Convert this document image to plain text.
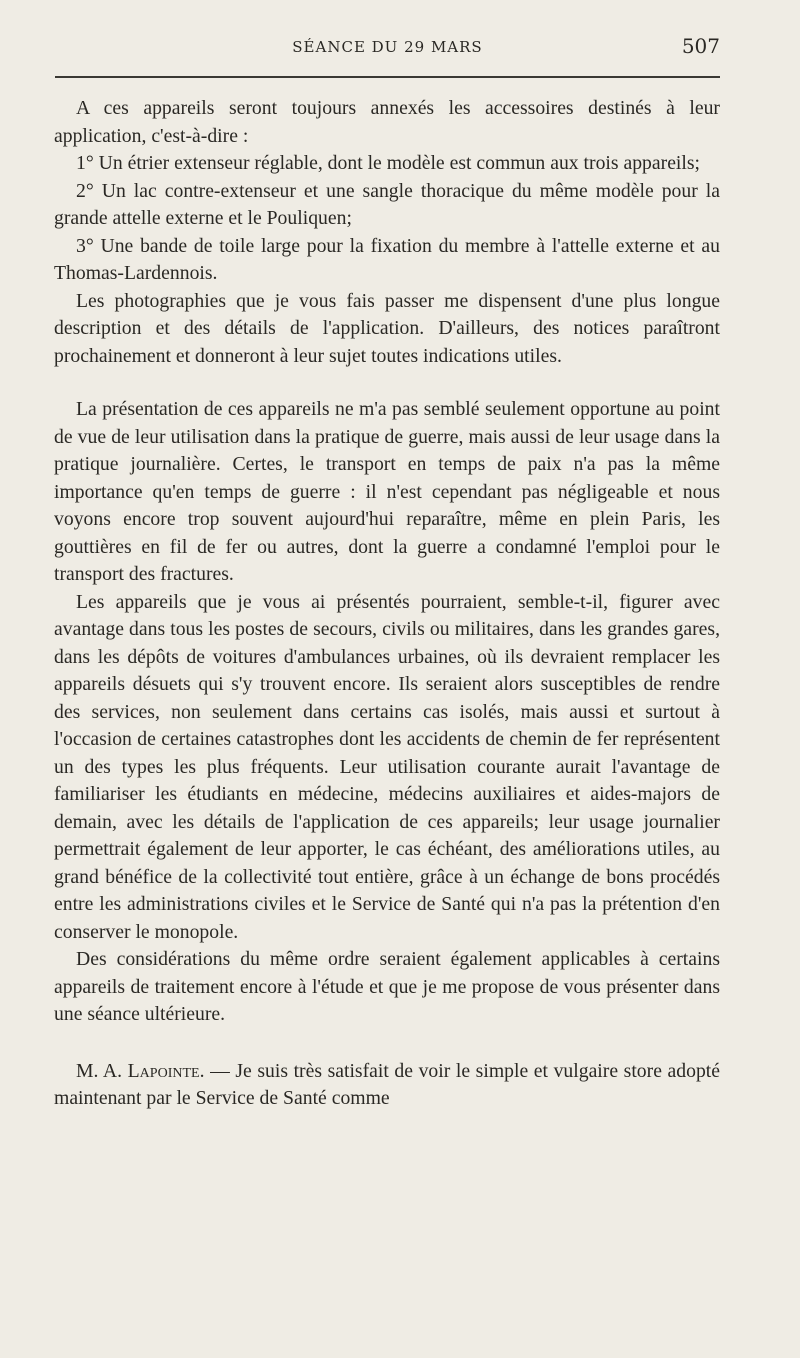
SÉANCE DU 29 MARS	507

A ces appareils seront toujours annexés les accessoires destinés à leur application, c'est-à-dire :

1° Un étrier extenseur réglable, dont le modèle est commun aux trois appareils;

2° Un lac contre-extenseur et une sangle thoracique du même modèle pour la grande attelle externe et le Pouliquen;

3° Une bande de toile large pour la fixation du membre à l'attelle externe et au Thomas-Lardennois.

Les photographies que je vous fais passer me dispensent d'une plus longue description et des détails de l'application. D'ailleurs, des notices paraîtront prochainement et donneront à leur sujet toutes indications utiles.

La présentation de ces appareils ne m'a pas semblé seulement opportune au point de vue de leur utilisation dans la pratique de guerre, mais aussi de leur usage dans la pratique journalière. Certes, le transport en temps de paix n'a pas la même importance qu'en temps de guerre : il n'est cependant pas négligeable et nous voyons encore trop souvent aujourd'hui reparaître, même en plein Paris, les gouttières en fil de fer ou autres, dont la guerre a condamné l'emploi pour le transport des fractures.

Les appareils que je vous ai présentés pourraient, semble-t-il, figurer avec avantage dans tous les postes de secours, civils ou militaires, dans les grandes gares, dans les dépôts de voitures d'ambulances urbaines, où ils devraient remplacer les appareils désuets qui s'y trouvent encore. Ils seraient alors susceptibles de rendre des services, non seulement dans certains cas isolés, mais aussi et surtout à l'occasion de certaines catastrophes dont les accidents de chemin de fer représentent un des types les plus fréquents. Leur utilisation courante aurait l'avantage de familiariser les étudiants en médecine, médecins auxiliaires et aides-majors de demain, avec les détails de l'application de ces appareils; leur usage journalier permettrait également de leur apporter, le cas échéant, des améliorations utiles, au grand bénéfice de la collectivité tout entière, grâce à un échange de bons procédés entre les administrations civiles et le Service de Santé qui n'a pas la prétention d'en conserver le monopole.

Des considérations du même ordre seraient également applicables à certains appareils de traitement encore à l'étude et que je me propose de vous présenter dans une séance ultérieure.

M. A. Lapointe. — Je suis très satisfait de voir le simple et vulgaire store adopté maintenant par le Service de Santé comme
